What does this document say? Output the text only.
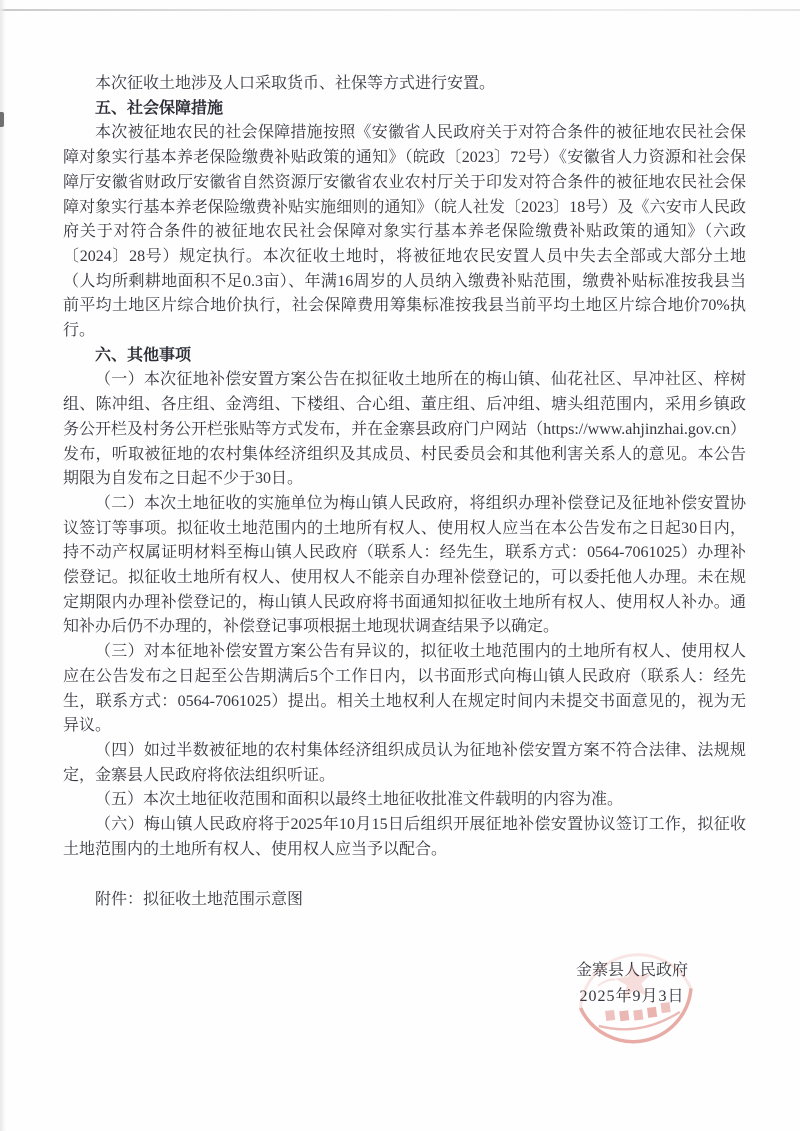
本次征收土地涉及人口采取货币、社保等方式进行安置。

五、社会保障措施

本次被征地农民的社会保障措施按照《安徽省人民政府关于对符合条件的被征地农民社会保障对象实行基本养老保险缴费补贴政策的通知》（皖政〔2023〕72号）《安徽省人力资源和社会保障厅安徽省财政厅安徽省自然资源厅安徽省农业农村厅关于印发对符合条件的被征地农民社会保障对象实行基本养老保险缴费补贴实施细则的通知》（皖人社发〔2023〕18号）及《六安市人民政府关于对符合条件的被征地农民社会保障对象实行基本养老保险缴费补贴政策的通知》（六政〔2024〕28号）规定执行。本次征收土地时，将被征地农民安置人员中失去全部或大部分土地（人均所剩耕地面积不足0.3亩）、年满16周岁的人员纳入缴费补贴范围，缴费补贴标准按我县当前平均土地区片综合地价执行，社会保障费用筹集标准按我县当前平均土地区片综合地价70%执行。

六、其他事项

（一）本次征地补偿安置方案公告在拟征收土地所在的梅山镇、仙花社区、早冲社区、梓树组、陈冲组、各庄组、金湾组、下楼组、合心组、董庄组、后冲组、塘头组范围内，采用乡镇政务公开栏及村务公开栏张贴等方式发布，并在金寨县政府门户网站（https://www.ahjinzhai.gov.cn）发布，听取被征地的农村集体经济组织及其成员、村民委员会和其他利害关系人的意见。本公告期限为自发布之日起不少于30日。

（二）本次土地征收的实施单位为梅山镇人民政府，将组织办理补偿登记及征地补偿安置协议签订等事项。拟征收土地范围内的土地所有权人、使用权人应当在本公告发布之日起30日内，持不动产权属证明材料至梅山镇人民政府（联系人：经先生，联系方式：0564-7061025）办理补偿登记。拟征收土地所有权人、使用权人不能亲自办理补偿登记的，可以委托他人办理。未在规定期限内办理补偿登记的，梅山镇人民政府将书面通知拟征收土地所有权人、使用权人补办。通知补办后仍不办理的，补偿登记事项根据土地现状调查结果予以确定。

（三）对本征地补偿安置方案公告有异议的，拟征收土地范围内的土地所有权人、使用权人应在公告发布之日起至公告期满后5个工作日内，以书面形式向梅山镇人民政府（联系人：经先生，联系方式：0564-7061025）提出。相关土地权利人在规定时间内未提交书面意见的，视为无异议。

（四）如过半数被征地的农村集体经济组织成员认为征地补偿安置方案不符合法律、法规规定，金寨县人民政府将依法组织听证。

（五）本次土地征收范围和面积以最终土地征收批准文件载明的内容为准。

（六）梅山镇人民政府将于2025年10月15日后组织开展征地补偿安置协议签订工作，拟征收土地范围内的土地所有权人、使用权人应当予以配合。

附件：拟征收土地范围示意图

金寨县人民政府

2025年9月3日
